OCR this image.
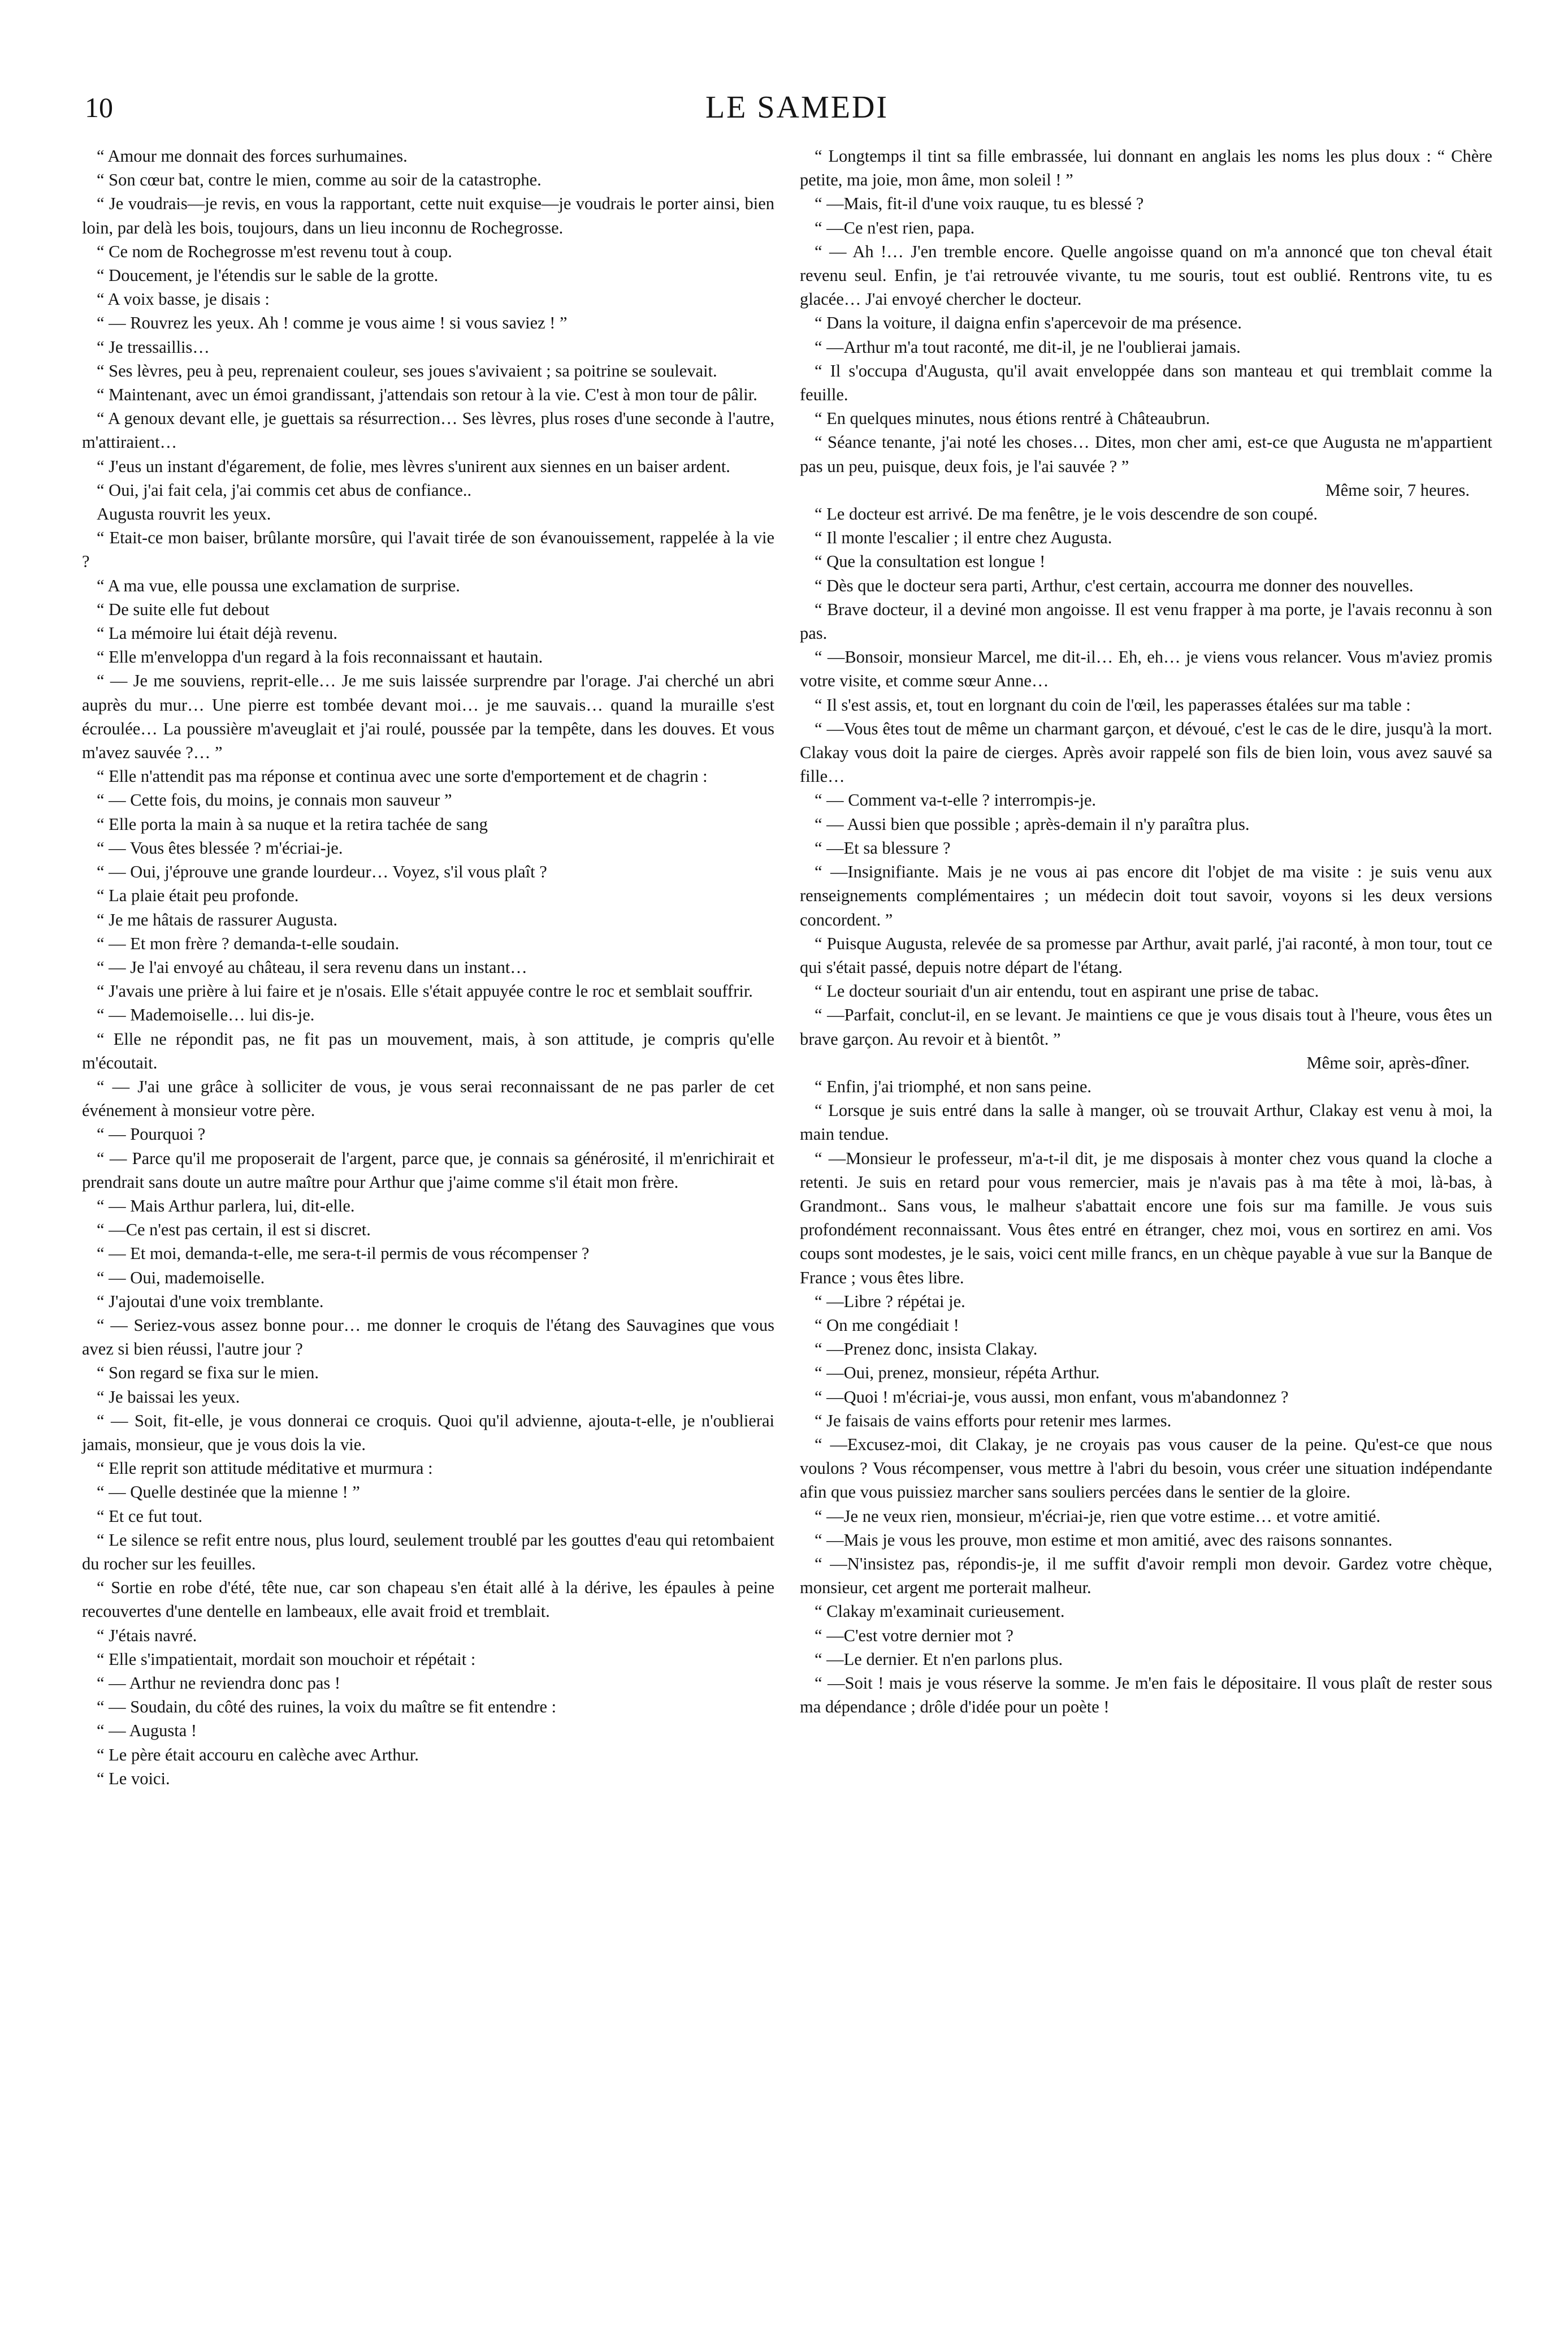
10	LE SAMEDI

“ Amour me donnait des forces surhumaines.

“ Son cœur bat, contre le mien, comme au soir de la catastrophe.

“ Je voudrais—je revis, en vous la rapportant, cette nuit exquise—je voudrais le porter ainsi, bien loin, par delà les bois, toujours, dans un lieu inconnu de Rochegrosse.

“ Ce nom de Rochegrosse m'est revenu tout à coup.

“ Doucement, je l'étendis sur le sable de la grotte.

“ A voix basse, je disais :

“ — Rouvrez les yeux. Ah ! comme je vous aime ! si vous saviez ! ”

“ Je tressaillis…

“ Ses lèvres, peu à peu, reprenaient couleur, ses joues s'avivaient ; sa poitrine se soulevait.

“ Maintenant, avec un émoi grandissant, j'attendais son retour à la vie. C'est à mon tour de pâlir.

“ A genoux devant elle, je guettais sa résurrection… Ses lèvres, plus roses d'une seconde à l'autre, m'attiraient…

“ J'eus un instant d'égarement, de folie, mes lèvres s'unirent aux siennes en un baiser ardent.

“ Oui, j'ai fait cela, j'ai commis cet abus de confiance..

Augusta rouvrit les yeux.

“ Etait-ce mon baiser, brûlante morsûre, qui l'avait tirée de son évanouissement, rappelée à la vie ?

“ A ma vue, elle poussa une exclamation de surprise.

“ De suite elle fut debout

“ La mémoire lui était déjà revenu.

“ Elle m'enveloppa d'un regard à la fois reconnaissant et hautain.

“ — Je me souviens, reprit-elle… Je me suis laissée surprendre par l'orage. J'ai cherché un abri auprès du mur… Une pierre est tombée devant moi… je me sauvais… quand la muraille s'est écroulée… La poussière m'aveuglait et j'ai roulé, poussée par la tempête, dans les douves. Et vous m'avez sauvée ?… ”

“ Elle n'attendit pas ma réponse et continua avec une sorte d'emportement et de chagrin :

“ — Cette fois, du moins, je connais mon sauveur ”

“ Elle porta la main à sa nuque et la retira tachée de sang

“ — Vous êtes blessée ? m'écriai-je.

“ — Oui, j'éprouve une grande lourdeur… Voyez, s'il vous plaît ?

“ La plaie était peu profonde.

“ Je me hâtais de rassurer Augusta.

“ — Et mon frère ? demanda-t-elle soudain.

“ — Je l'ai envoyé au château, il sera revenu dans un instant…

“ J'avais une prière à lui faire et je n'osais. Elle s'était appuyée contre le roc et semblait souffrir.

“ — Mademoiselle… lui dis-je.

“ Elle ne répondit pas, ne fit pas un mouvement, mais, à son attitude, je compris qu'elle m'écoutait.

“ — J'ai une grâce à solliciter de vous, je vous serai reconnaissant de ne pas parler de cet événement à monsieur votre père.

“ — Pourquoi ?

“ — Parce qu'il me proposerait de l'argent, parce que, je connais sa générosité, il m'enrichirait et prendrait sans doute un autre maître pour Arthur que j'aime comme s'il était mon frère.

“ — Mais Arthur parlera, lui, dit-elle.

“ —Ce n'est pas certain, il est si discret.

“ — Et moi, demanda-t-elle, me sera-t-il permis de vous récompenser ?

“ — Oui, mademoiselle.

“ J'ajoutai d'une voix tremblante.

“ — Seriez-vous assez bonne pour… me donner le croquis de l'étang des Sauvagines que vous avez si bien réussi, l'autre jour ?

“ Son regard se fixa sur le mien.

“ Je baissai les yeux.

“ — Soit, fit-elle, je vous donnerai ce croquis. Quoi qu'il advienne, ajouta-t-elle, je n'oublierai jamais, monsieur, que je vous dois la vie.

“ Elle reprit son attitude méditative et murmura :

“ — Quelle destinée que la mienne ! ”

“ Et ce fut tout.

“ Le silence se refit entre nous, plus lourd, seulement troublé par les gouttes d'eau qui retombaient du rocher sur les feuilles.

“ Sortie en robe d'été, tête nue, car son chapeau s'en était allé à la dérive, les épaules à peine recouvertes d'une dentelle en lambeaux, elle avait froid et tremblait.

“ J'étais navré.

“ Elle s'impatientait, mordait son mouchoir et répétait :

“ — Arthur ne reviendra donc pas !

“ — Soudain, du côté des ruines, la voix du maître se fit entendre :

“ — Augusta !

“ Le père était accouru en calèche avec Arthur.

“ Le voici.

“ Longtemps il tint sa fille embrassée, lui donnant en anglais les noms les plus doux : “ Chère petite, ma joie, mon âme, mon soleil ! ”

“ —Mais, fit-il d'une voix rauque, tu es blessé ?

“ —Ce n'est rien, papa.

“ — Ah !… J'en tremble encore. Quelle angoisse quand on m'a annoncé que ton cheval était revenu seul. Enfin, je t'ai retrouvée vivante, tu me souris, tout est oublié. Rentrons vite, tu es glacée… J'ai envoyé chercher le docteur.

“ Dans la voiture, il daigna enfin s'apercevoir de ma présence.

“ —Arthur m'a tout raconté, me dit-il, je ne l'oublierai jamais.

“ Il s'occupa d'Augusta, qu'il avait enveloppée dans son manteau et qui tremblait comme la feuille.

“ En quelques minutes, nous étions rentré à Châteaubrun.

“ Séance tenante, j'ai noté les choses… Dites, mon cher ami, est-ce que Augusta ne m'appartient pas un peu, puisque, deux fois, je l'ai sauvée ? ”

Même soir, 7 heures.

“ Le docteur est arrivé. De ma fenêtre, je le vois descendre de son coupé.

“ Il monte l'escalier ; il entre chez Augusta.

“ Que la consultation est longue !

“ Dès que le docteur sera parti, Arthur, c'est certain, accourra me donner des nouvelles.

“ Brave docteur, il a deviné mon angoisse. Il est venu frapper à ma porte, je l'avais reconnu à son pas.

“ —Bonsoir, monsieur Marcel, me dit-il… Eh, eh… je viens vous relancer. Vous m'aviez promis votre visite, et comme sœur Anne…

“ Il s'est assis, et, tout en lorgnant du coin de l'œil, les paperasses étalées sur ma table :

“ —Vous êtes tout de même un charmant garçon, et dévoué, c'est le cas de le dire, jusqu'à la mort. Clakay vous doit la paire de cierges. Après avoir rappelé son fils de bien loin, vous avez sauvé sa fille…

“ — Comment va-t-elle ? interrompis-je.

“ — Aussi bien que possible ; après-demain il n'y paraîtra plus.

“ —Et sa blessure ?

“ —Insignifiante. Mais je ne vous ai pas encore dit l'objet de ma visite : je suis venu aux renseignements complémentaires ; un médecin doit tout savoir, voyons si les deux versions concordent. ”

“ Puisque Augusta, relevée de sa promesse par Arthur, avait parlé, j'ai raconté, à mon tour, tout ce qui s'était passé, depuis notre départ de l'étang.

“ Le docteur souriait d'un air entendu, tout en aspirant une prise de tabac.

“ —Parfait, conclut-il, en se levant. Je maintiens ce que je vous disais tout à l'heure, vous êtes un brave garçon. Au revoir et à bientôt. ”

Même soir, après-dîner.

“ Enfin, j'ai triomphé, et non sans peine.

“ Lorsque je suis entré dans la salle à manger, où se trouvait Arthur, Clakay est venu à moi, la main tendue.

“ —Monsieur le professeur, m'a-t-il dit, je me disposais à monter chez vous quand la cloche a retenti. Je suis en retard pour vous remercier, mais je n'avais pas à ma tête à moi, là-bas, à Grandmont.. Sans vous, le malheur s'abattait encore une fois sur ma famille. Je vous suis profondément reconnaissant. Vous êtes entré en étranger, chez moi, vous en sortirez en ami. Vos coups sont modestes, je le sais, voici cent mille francs, en un chèque payable à vue sur la Banque de France ; vous êtes libre.

“ —Libre ? répétai je.

“ On me congédiait !

“ —Prenez donc, insista Clakay.

“ —Oui, prenez, monsieur, répéta Arthur.

“ —Quoi ! m'écriai-je, vous aussi, mon enfant, vous m'abandonnez ?

“ Je faisais de vains efforts pour retenir mes larmes.

“ —Excusez-moi, dit Clakay, je ne croyais pas vous causer de la peine. Qu'est-ce que nous voulons ? Vous récompenser, vous mettre à l'abri du besoin, vous créer une situation indépendante afin que vous puissiez marcher sans souliers percées dans le sentier de la gloire.

“ —Je ne veux rien, monsieur, m'écriai-je, rien que votre estime… et votre amitié.

“ —Mais je vous les prouve, mon estime et mon amitié, avec des raisons sonnantes.

“ —N'insistez pas, répondis-je, il me suffit d'avoir rempli mon devoir. Gardez votre chèque, monsieur, cet argent me porterait malheur.

“ Clakay m'examinait curieusement.

“ —C'est votre dernier mot ?

“ —Le dernier. Et n'en parlons plus.

“ —Soit ! mais je vous réserve la somme. Je m'en fais le dépositaire. Il vous plaît de rester sous ma dépendance ; drôle d'idée pour un poète !
